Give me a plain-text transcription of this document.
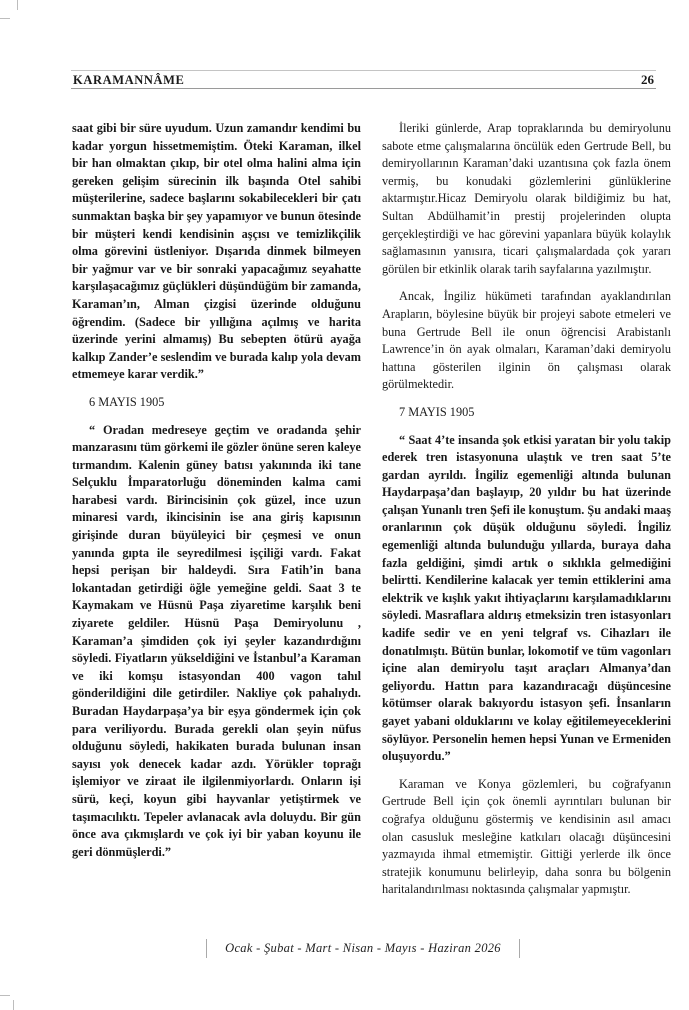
KARAMANNÂME	26

saat gibi bir süre uyudum. Uzun zamandır kendimi bu kadar yorgun hissetmemiştim. Öteki Karaman, ilkel bir han olmaktan çıkıp, bir otel olma halini alma için gereken gelişim sürecinin ilk başında Otel sahibi müşterilerine, sadece başlarını sokabilecekleri bir çatı sunmaktan başka bir şey yapamıyor ve bunun ötesinde bir müşteri kendi kendisinin aşçısı ve temizlikçilik olma görevini üstleniyor. Dışarıda dinmek bilmeyen bir yağmur var ve bir sonraki yapacağımız seyahatte karşılaşacağımız güçlükleri düşündüğüm bir zamanda, Karaman’ın, Alman çizgisi üzerinde olduğunu öğrendim. (Sadece bir yıllığına açılmış ve harita üzerinde yerini almamış) Bu sebepten ötürü ayağa kalkıp Zander’e seslendim ve burada kalıp yola devam etmemeye karar verdik.”

6 MAYIS 1905

“ Oradan medreseye geçtim ve oradanda şehir manzarasını tüm görkemi ile gözler önüne seren kaleye tırmandım. Kalenin güney batısı yakınında iki tane Selçuklu İmparatorluğu döneminden kalma cami harabesi vardı. Birincisinin çok güzel, ince uzun minaresi vardı, ikincisinin ise ana giriş kapısının girişinde duran büyüleyici bir çeşmesi ve onun yanında gıpta ile seyredilmesi işçiliği vardı. Fakat hepsi perişan bir haldeydi. Sıra Fatih’in bana lokantadan getirdiği öğle yemeğine geldi. Saat 3 te Kaymakam ve Hüsnü Paşa ziyaretime karşılık beni ziyarete geldiler. Hüsnü Paşa Demiryolunu , Karaman’a şimdiden çok iyi şeyler kazandırdığını söyledi. Fiyatların yükseldiğini ve İstanbul’a Karaman ve iki komşu istasyondan 400 vagon tahıl gönderildiğini dile getirdiler. Nakliye çok pahalıydı. Buradan Haydarpaşa’ya bir eşya göndermek için çok para veriliyordu. Burada gerekli olan şeyin nüfus olduğunu söyledi, hakikaten burada bulunan insan sayısı yok denecek kadar azdı. Yörükler toprağı işlemiyor ve ziraat ile ilgilenmiyorlardı. Onların işi sürü, keçi, koyun gibi hayvanlar yetiştirmek ve taşımacılıktı. Tepeler avlanacak avla doluydu. Bir gün önce ava çıkmışlardı ve çok iyi bir yaban koyunu ile geri dönmüşlerdi.”

İleriki günlerde, Arap topraklarında bu demiryolunu sabote etme çalışmalarına öncülük eden Gertrude Bell, bu demiryollarının Karaman’daki uzantısına çok fazla önem vermiş, bu konudaki gözlemlerini günlüklerine aktarmıştır.Hicaz Demiryolu olarak bildiğimiz bu hat, Sultan Abdülhamit’in prestij projelerinden olupta gerçekleştirdiği ve hac görevini yapanlara büyük kolaylık sağlamasının yanısıra, ticari çalışmalardada çok yararı görülen bir etkinlik olarak tarih sayfalarına yazılmıştır.

Ancak, İngiliz hükümeti tarafından ayaklandırılan Arapların, böylesine büyük bir projeyi sabote etmeleri ve buna Gertrude Bell ile onun öğrencisi Arabistanlı Lawrence’in ön ayak olmaları, Karaman’daki demiryolu hattına gösterilen ilginin ön çalışması olarak görülmektedir.

7 MAYIS 1905

“ Saat 4’te insanda şok etkisi yaratan bir yolu takip ederek tren istasyonuna ulaştık ve tren saat 5’te gardan ayrıldı. İngiliz egemenliği altında bulunan Haydarpaşa’dan başlayıp, 20 yıldır bu hat üzerinde çalışan Yunanlı tren Şefi ile konuştum. Şu andaki maaş oranlarının çok düşük olduğunu söyledi. İngiliz egemenliği altında bulunduğu yıllarda, buraya daha fazla geldiğini, şimdi artık o sıklıkla gelmediğini belirtti. Kendilerine kalacak yer temin ettiklerini ama elektrik ve kışlık yakıt ihtiyaçlarını karşılamadıklarını söyledi. Masraflara aldırış etmeksizin tren istasyonları kadife sedir ve en yeni telgraf vs. Cihazları ile donatılmıştı. Bütün bunlar, lokomotif ve tüm vagonları içine alan demiryolu taşıt araçları Almanya’dan geliyordu. Hattın para kazandıracağı düşüncesine kötümser olarak bakıyordu istasyon şefi. İnsanların gayet yabani olduklarını ve kolay eğitilemeyeceklerini söylüyor. Personelin hemen hepsi Yunan ve Ermeniden oluşuyordu.”

Karaman ve Konya gözlemleri, bu coğrafyanın Gertrude Bell için çok önemli ayrıntıları bulunan bir coğrafya olduğunu göstermiş ve kendisinin asıl amacı olan casusluk mesleğine katkıları olacağı düşüncesini yazmayıda ihmal etmemiştir. Gittiği yerlerde ilk önce stratejik konumunu belirleyip, daha sonra bu bölgenin haritalandırılması noktasında çalışmalar yapmıştır.

Ocak - Şubat - Mart - Nisan - Mayıs - Haziran 2026
